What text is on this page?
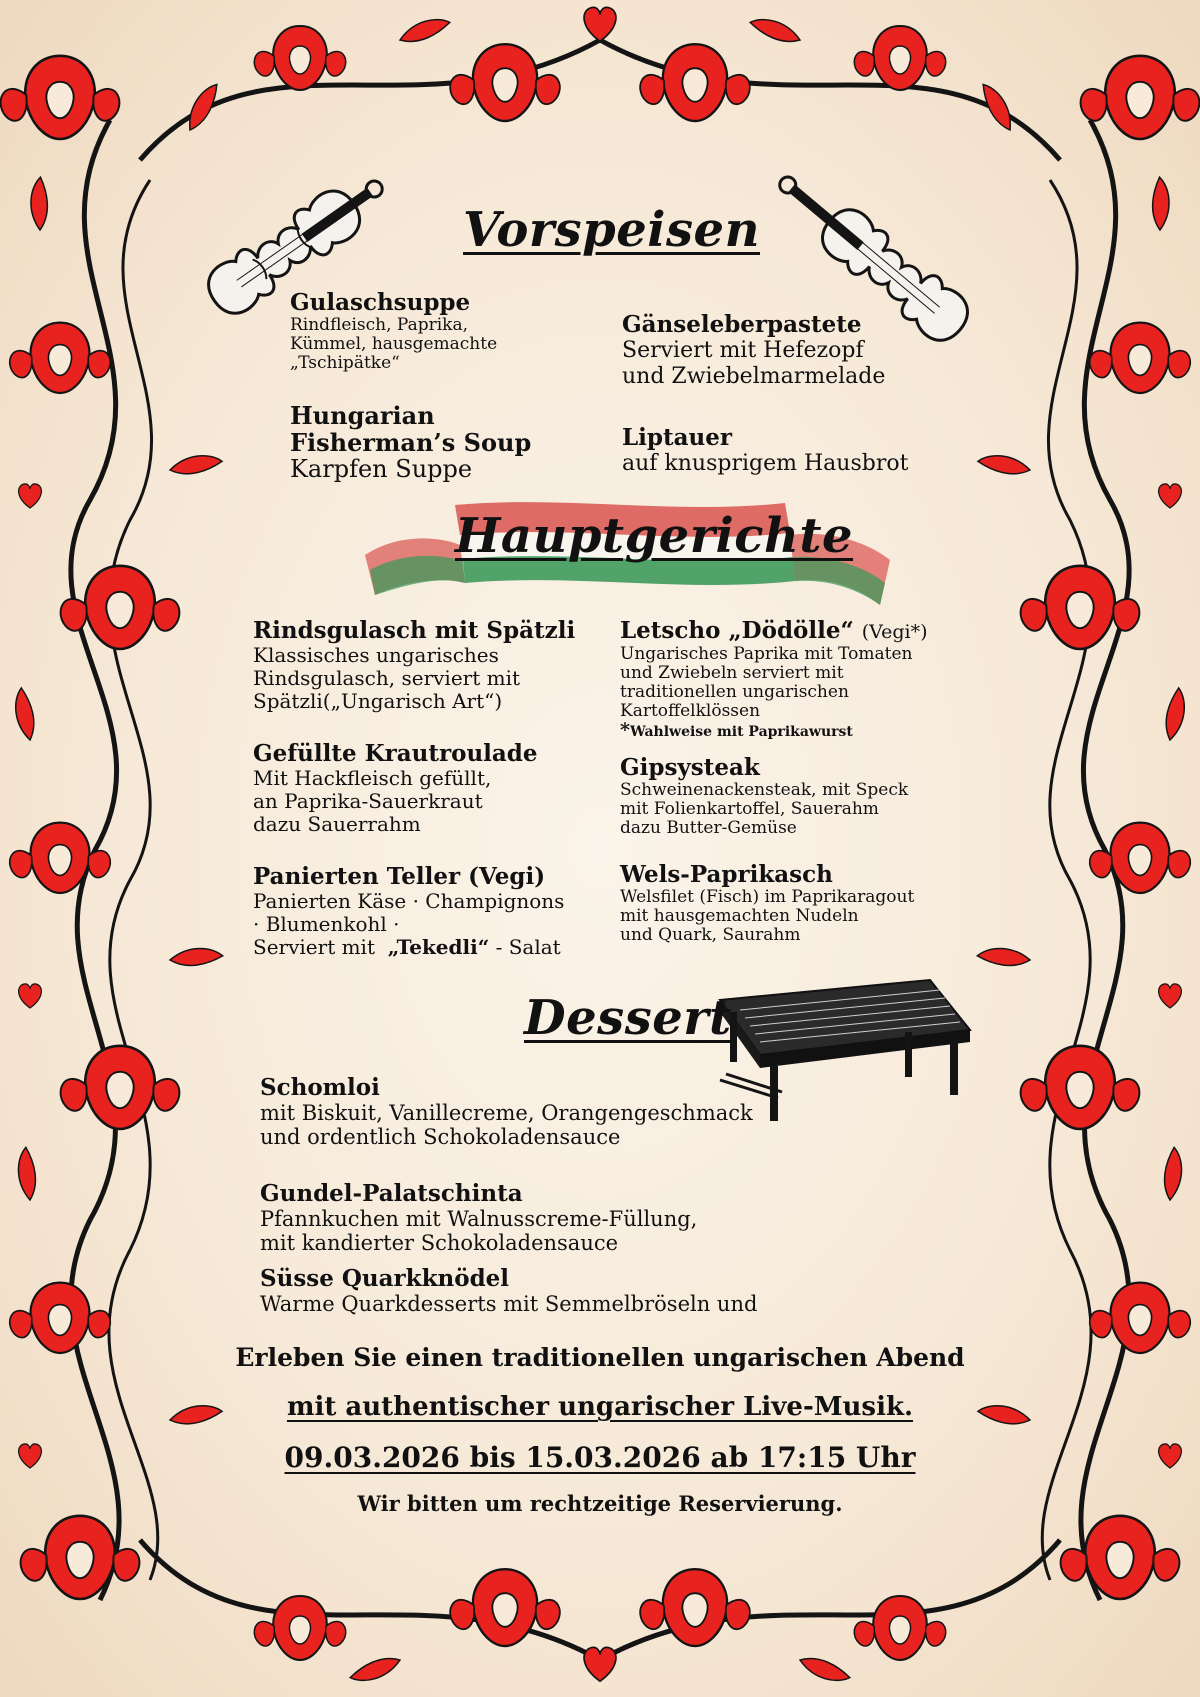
Vorspeisen
Gulaschsuppe
Rindfleisch, Paprika,
Kümmel, hausgemachte
„Tschipätke“
Gänseleberpastete
Serviert mit Hefezopf
und Zwiebelmarmelade
Hungarian
Fisherman’s Soup
Karpfen Suppe
Liptauer
auf knusprigem Hausbrot
Hauptgerichte
Rindsgulasch mit Spätzli
Klassisches ungarisches
Rindsgulasch, serviert mit
Spätzli(„Ungarisch Art“)
Letscho „Dödölle“ (Vegi*)
Ungarisches Paprika mit Tomaten
und Zwiebeln serviert mit
traditionellen ungarischen
Kartoffelklössen
*Wahlweise mit Paprikawurst
Gefüllte Krautroulade
Mit Hackfleisch gefüllt,
an Paprika-Sauerkraut
dazu Sauerrahm
Gipsysteak
Schweinenackensteak, mit Speck
mit Folienkartoffel, Sauerahm
dazu Butter-Gemüse
Panierten Teller (Vegi)
Panierten Käse · Champignons
· Blumenkohl ·
Serviert mit  „Tekedli“ - Salat
Wels-Paprikasch
Welsfilet (Fisch) im Paprikaragout
mit hausgemachten Nudeln
und Quark, Saurahm
Dessert
Schomloi
mit Biskuit, Vanillecreme, Orangengeschmack
und ordentlich Schokoladensauce
Gundel-Palatschinta
Pfannkuchen mit Walnusscreme-Füllung,
mit kandierter Schokoladensauce
Süsse Quarkknödel
Warme Quarkdesserts mit Semmelbröseln und
Erleben Sie einen traditionellen ungarischen Abend
mit authentischer ungarischer Live-Musik.
09.03.2026 bis 15.03.2026 ab 17:15 Uhr
Wir bitten um rechtzeitige Reservierung.
